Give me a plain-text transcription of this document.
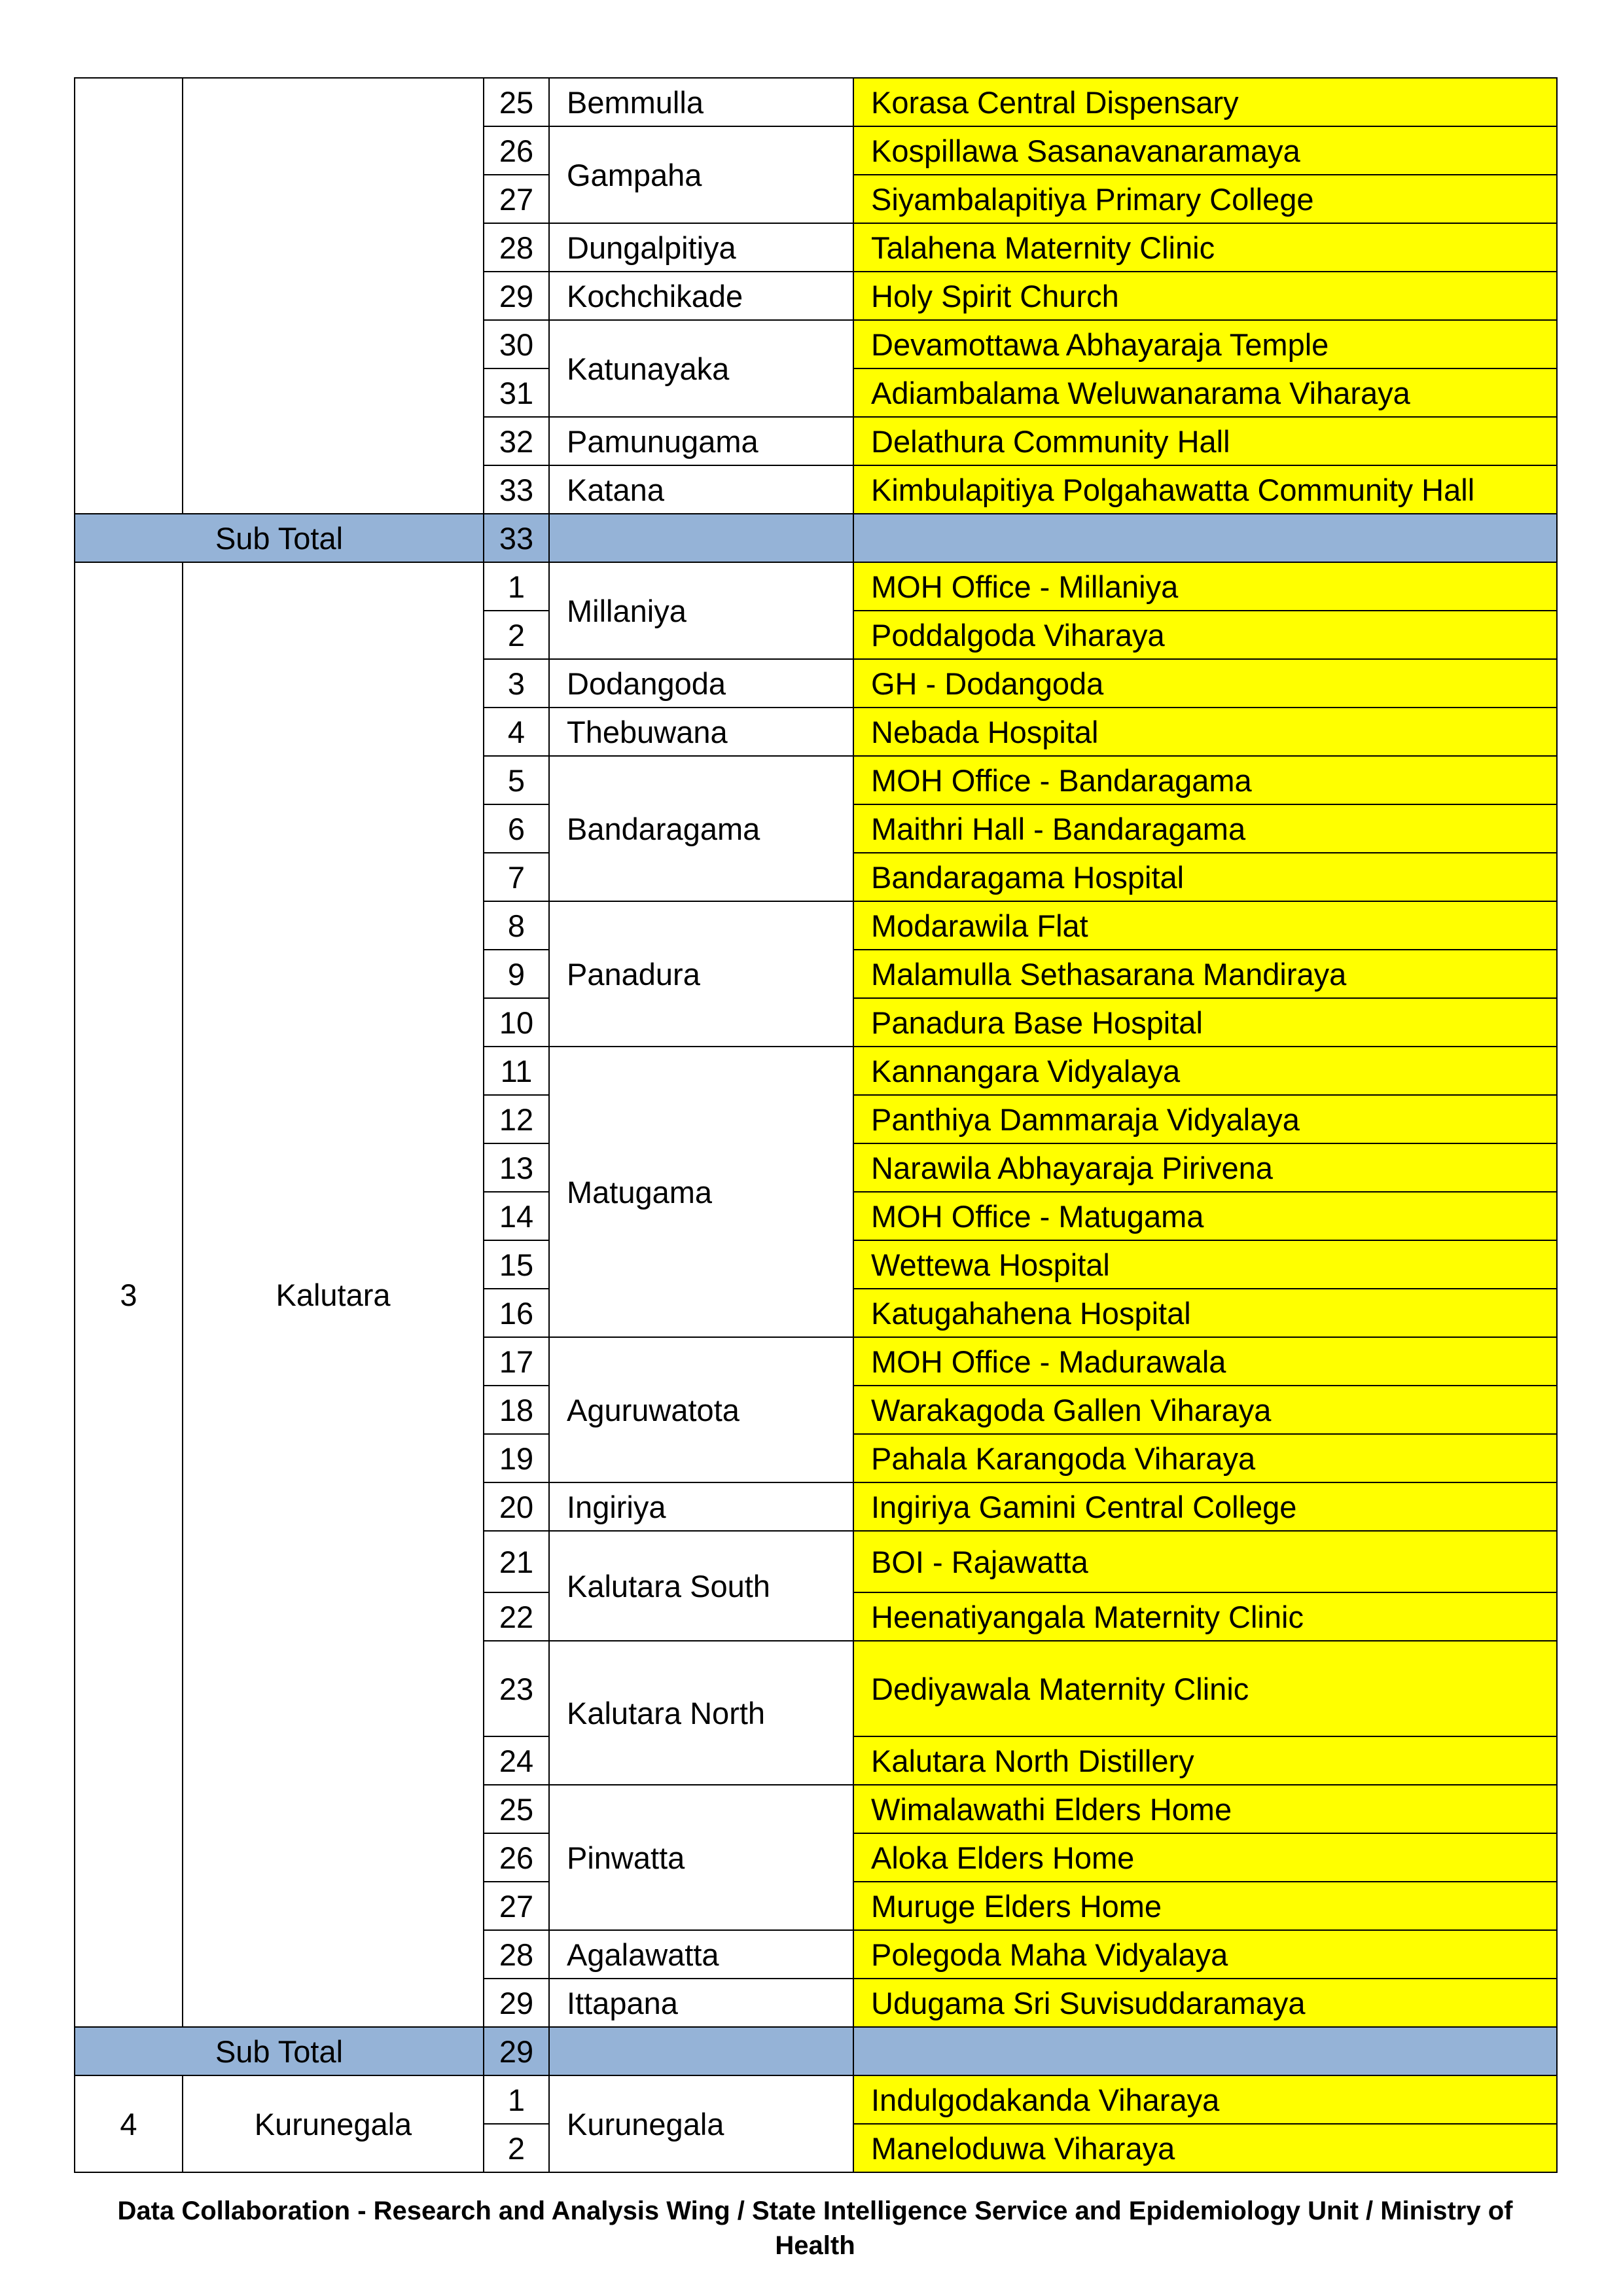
		25	Bemmulla	Korasa Central Dispensary
		26	Gampaha	Kospillawa Sasanavanaramaya
		27		Siyambalapitiya Primary College
		28	Dungalpitiya	Talahena Maternity Clinic
		29	Kochchikade	Holy Spirit Church
		30	Katunayaka	Devamottawa Abhayaraja Temple
		31		Adiambalama Weluwanarama Viharaya
		32	Pamunugama	Delathura Community Hall
		33	Katana	Kimbulapitiya Polgahawatta Community Hall
Sub Total		33		
3	Kalutara	1	Millaniya	MOH Office - Millaniya
		2		Poddalgoda Viharaya
		3	Dodangoda	GH - Dodangoda
		4	Thebuwana	Nebada Hospital
		5	Bandaragama	MOH Office - Bandaragama
		6		Maithri Hall - Bandaragama
		7		Bandaragama Hospital
		8	Panadura	Modarawila Flat
		9		Malamulla Sethasarana Mandiraya
		10		Panadura Base Hospital
		11	Matugama	Kannangara Vidyalaya
		12		Panthiya Dammaraja Vidyalaya
		13		Narawila Abhayaraja Pirivena
		14		MOH Office - Matugama
		15		Wettewa Hospital
		16		Katugahahena Hospital
		17	Aguruwatota	MOH Office - Madurawala
		18		Warakagoda Gallen Viharaya
		19		Pahala Karangoda Viharaya
		20	Ingiriya	Ingiriya Gamini Central College
		21	Kalutara South	BOI - Rajawatta
		22		Heenatiyangala Maternity Clinic
		23	Kalutara North	Dediyawala Maternity Clinic
		24		Kalutara North Distillery
		25	Pinwatta	Wimalawathi Elders Home
		26		Aloka Elders Home
		27		Muruge Elders Home
		28	Agalawatta	Polegoda Maha Vidyalaya
		29	Ittapana	Udugama Sri Suvisuddaramaya
Sub Total		29		
4	Kurunegala	1	Kurunegala	Indulgodakanda Viharaya
		2		Maneloduwa Viharaya
Data Collaboration - Research and Analysis Wing / State Intelligence Service and Epidemiology Unit / Ministry of
Health
